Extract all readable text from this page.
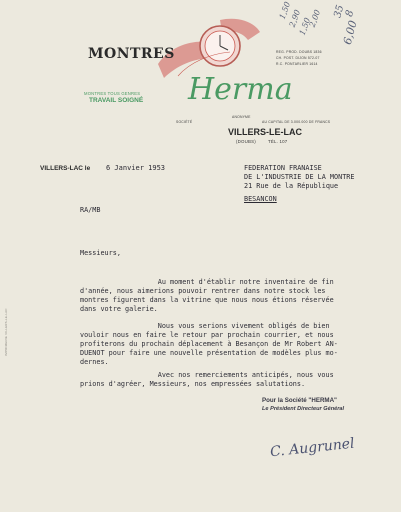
MONTRES
Herma
MONTRES TOUS GENRES
TRAVAIL SOIGNÉ
SOCIÉTÉ
ANONYME
AU CAPITAL DE 3.000.000 DE FRANCS
VILLERS-LE-LAC
(DOUBS)	TÉL. 107
REG. PROD. DOUBS 1836
CH. POST. DIJON 572-07
R.C. PONTARLIER 1614
1,50
2,90
1,50
2,00 35
8
6,00
VILLERS-LAC le 6 Janvier 1953	FEDERATION FRANAISE
DE L'INDUSTRIE DE LA MONTRE
21 Rue de la République
BESANCON
RA/MB
Messieurs,
Au moment d'établir notre inventaire de fin
d'année, nous aimerions pouvoir rentrer dans notre stock les
montres figurent dans la vitrine que nous nous étions réservée
dans votre galerie.
Nous vous serions vivement obligés de bien
vouloir nous en faire le retour par prochain courrier, et nous
profiterons du prochain déplacement à Besançon de Mr Robert AN-
DUENOT pour faire une nouvelle présentation de modèles plus mo-
dernes.
Avec nos remerciements anticipés, nous vous
prions d'agréer, Messieurs, nos empressées salutations.
Pour la Société "HERMA"
Le Président Directeur Général
C. Augrunel
IMPRIMERIE VILLERS-LE-LAC
